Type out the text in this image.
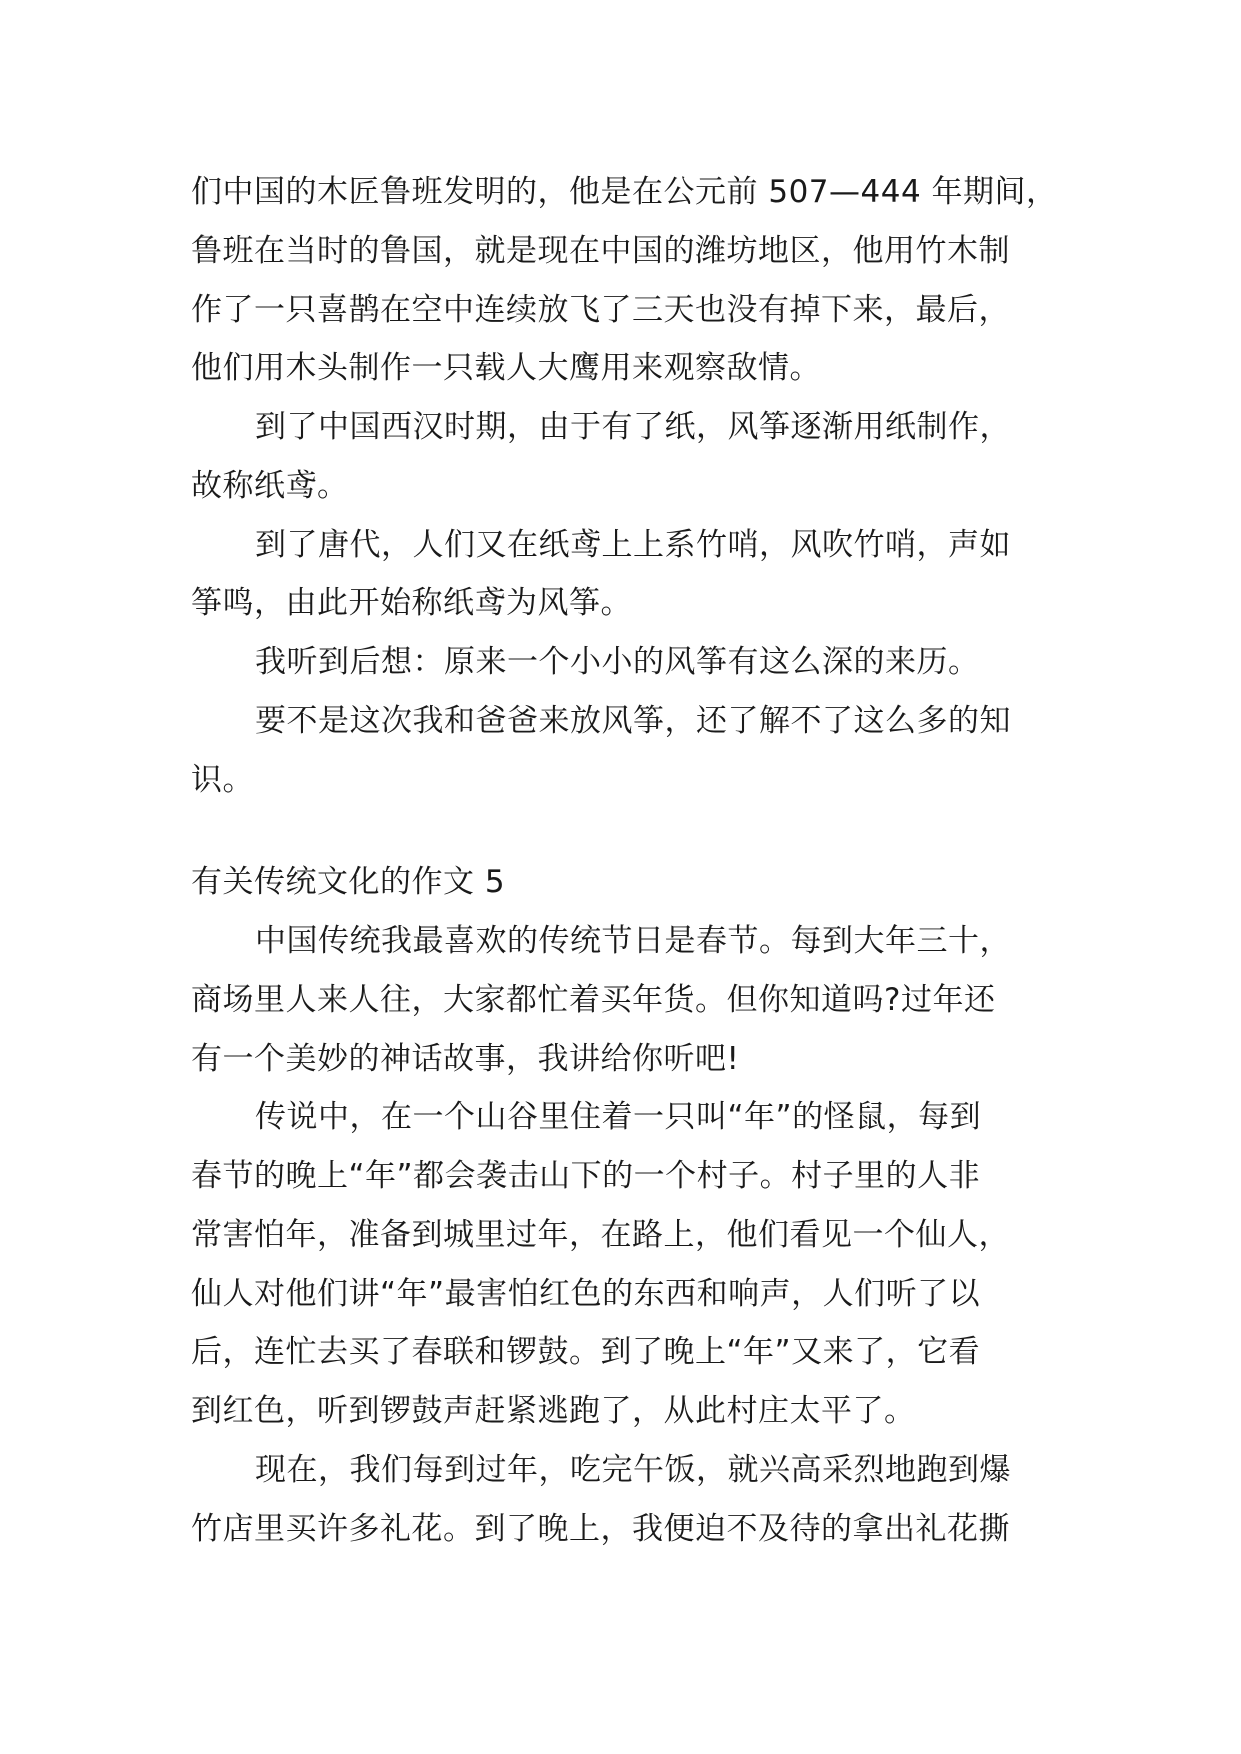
们中国的木匠鲁班发明的，他是在公元前 507—444 年期间，
鲁班在当时的鲁国，就是现在中国的潍坊地区，他用竹木制
作了一只喜鹊在空中连续放飞了三天也没有掉下来，最后，
他们用木头制作一只载人大鹰用来观察敌情。
到了中国西汉时期，由于有了纸，风筝逐渐用纸制作，
故称纸鸢。
到了唐代，人们又在纸鸢上上系竹哨，风吹竹哨，声如
筝鸣，由此开始称纸鸢为风筝。
我听到后想：原来一个小小的风筝有这么深的来历。
要不是这次我和爸爸来放风筝，还了解不了这么多的知
识。
有关传统文化的作文 5
中国传统我最喜欢的传统节日是春节。每到大年三十，
商场里人来人往，大家都忙着买年货。但你知道吗?过年还
有一个美妙的神话故事，我讲给你听吧!
传说中，在一个山谷里住着一只叫“年”的怪鼠，每到
春节的晚上“年”都会袭击山下的一个村子。村子里的人非
常害怕年，准备到城里过年，在路上，他们看见一个仙人，
仙人对他们讲“年”最害怕红色的东西和响声，人们听了以
后，连忙去买了春联和锣鼓。到了晚上“年”又来了，它看
到红色，听到锣鼓声赶紧逃跑了，从此村庄太平了。
现在，我们每到过年，吃完午饭，就兴高采烈地跑到爆
竹店里买许多礼花。到了晚上，我便迫不及待的拿出礼花撕
